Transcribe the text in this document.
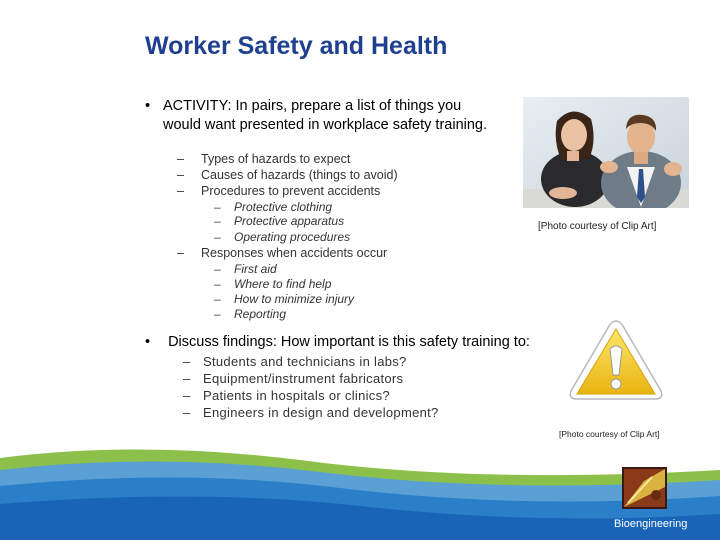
Worker Safety and Health
• ACTIVITY: In pairs, prepare a list of things you would want presented in workplace safety training.
– Types of hazards to expect
– Causes of hazards (things to avoid)
– Procedures to prevent accidents
– Protective clothing
– Protective apparatus
– Operating procedures
– Responses when accidents occur
– First aid
– Where to find help
– How to minimize injury
– Reporting
[Photo courtesy of Clip Art]
• Discuss findings: How important is this safety training to:
– Students and technicians in labs?
– Equipment/instrument fabricators
– Patients in hospitals or clinics?
– Engineers in design and development?
[Photo courtesy of Clip Art]
Bioengineering
